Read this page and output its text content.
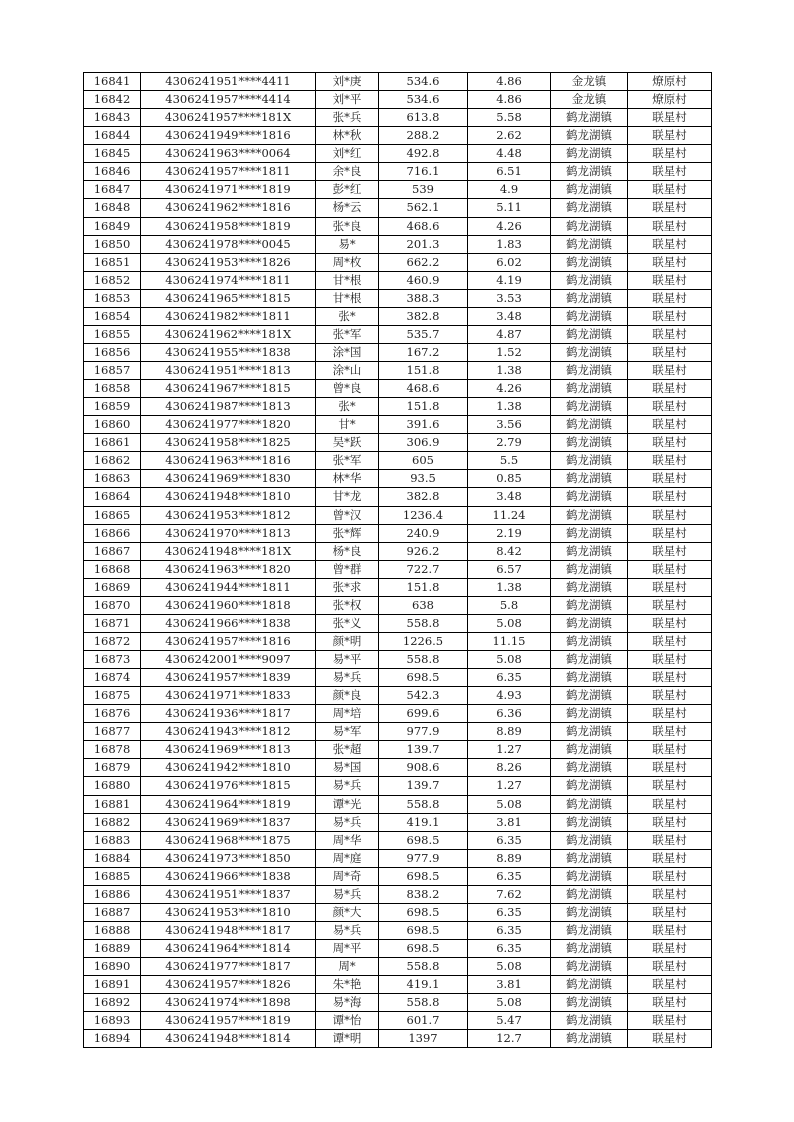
16841	4306241951****4411	刘*庚	534.6	4.86	金龙镇	燎原村
16842	4306241957****4414	刘*平	534.6	4.86	金龙镇	燎原村
16843	4306241957****181X	张*兵	613.8	5.58	鹤龙湖镇	联星村
16844	4306241949****1816	林*秋	288.2	2.62	鹤龙湖镇	联星村
16845	4306241963****0064	刘*红	492.8	4.48	鹤龙湖镇	联星村
16846	4306241957****1811	余*良	716.1	6.51	鹤龙湖镇	联星村
16847	4306241971****1819	彭*红	539	4.9	鹤龙湖镇	联星村
16848	4306241962****1816	杨*云	562.1	5.11	鹤龙湖镇	联星村
16849	4306241958****1819	张*良	468.6	4.26	鹤龙湖镇	联星村
16850	4306241978****0045	易*	201.3	1.83	鹤龙湖镇	联星村
16851	4306241953****1826	周*枚	662.2	6.02	鹤龙湖镇	联星村
16852	4306241974****1811	甘*根	460.9	4.19	鹤龙湖镇	联星村
16853	4306241965****1815	甘*根	388.3	3.53	鹤龙湖镇	联星村
16854	4306241982****1811	张*	382.8	3.48	鹤龙湖镇	联星村
16855	4306241962****181X	张*军	535.7	4.87	鹤龙湖镇	联星村
16856	4306241955****1838	涂*国	167.2	1.52	鹤龙湖镇	联星村
16857	4306241951****1813	涂*山	151.8	1.38	鹤龙湖镇	联星村
16858	4306241967****1815	曾*良	468.6	4.26	鹤龙湖镇	联星村
16859	4306241987****1813	张*	151.8	1.38	鹤龙湖镇	联星村
16860	4306241977****1820	甘*	391.6	3.56	鹤龙湖镇	联星村
16861	4306241958****1825	吴*跃	306.9	2.79	鹤龙湖镇	联星村
16862	4306241963****1816	张*军	605	5.5	鹤龙湖镇	联星村
16863	4306241969****1830	林*华	93.5	0.85	鹤龙湖镇	联星村
16864	4306241948****1810	甘*龙	382.8	3.48	鹤龙湖镇	联星村
16865	4306241953****1812	曾*汉	1236.4	11.24	鹤龙湖镇	联星村
16866	4306241970****1813	张*辉	240.9	2.19	鹤龙湖镇	联星村
16867	4306241948****181X	杨*良	926.2	8.42	鹤龙湖镇	联星村
16868	4306241963****1820	曾*群	722.7	6.57	鹤龙湖镇	联星村
16869	4306241944****1811	张*求	151.8	1.38	鹤龙湖镇	联星村
16870	4306241960****1818	张*权	638	5.8	鹤龙湖镇	联星村
16871	4306241966****1838	张*义	558.8	5.08	鹤龙湖镇	联星村
16872	4306241957****1816	颜*明	1226.5	11.15	鹤龙湖镇	联星村
16873	4306242001****9097	易*平	558.8	5.08	鹤龙湖镇	联星村
16874	4306241957****1839	易*兵	698.5	6.35	鹤龙湖镇	联星村
16875	4306241971****1833	颜*良	542.3	4.93	鹤龙湖镇	联星村
16876	4306241936****1817	周*培	699.6	6.36	鹤龙湖镇	联星村
16877	4306241943****1812	易*军	977.9	8.89	鹤龙湖镇	联星村
16878	4306241969****1813	张*超	139.7	1.27	鹤龙湖镇	联星村
16879	4306241942****1810	易*国	908.6	8.26	鹤龙湖镇	联星村
16880	4306241976****1815	易*兵	139.7	1.27	鹤龙湖镇	联星村
16881	4306241964****1819	谭*光	558.8	5.08	鹤龙湖镇	联星村
16882	4306241969****1837	易*兵	419.1	3.81	鹤龙湖镇	联星村
16883	4306241968****1875	周*华	698.5	6.35	鹤龙湖镇	联星村
16884	4306241973****1850	周*庭	977.9	8.89	鹤龙湖镇	联星村
16885	4306241966****1838	周*奇	698.5	6.35	鹤龙湖镇	联星村
16886	4306241951****1837	易*兵	838.2	7.62	鹤龙湖镇	联星村
16887	4306241953****1810	颜*大	698.5	6.35	鹤龙湖镇	联星村
16888	4306241948****1817	易*兵	698.5	6.35	鹤龙湖镇	联星村
16889	4306241964****1814	周*平	698.5	6.35	鹤龙湖镇	联星村
16890	4306241977****1817	周*	558.8	5.08	鹤龙湖镇	联星村
16891	4306241957****1826	朱*艳	419.1	3.81	鹤龙湖镇	联星村
16892	4306241974****1898	易*海	558.8	5.08	鹤龙湖镇	联星村
16893	4306241957****1819	谭*怡	601.7	5.47	鹤龙湖镇	联星村
16894	4306241948****1814	谭*明	1397	12.7	鹤龙湖镇	联星村
